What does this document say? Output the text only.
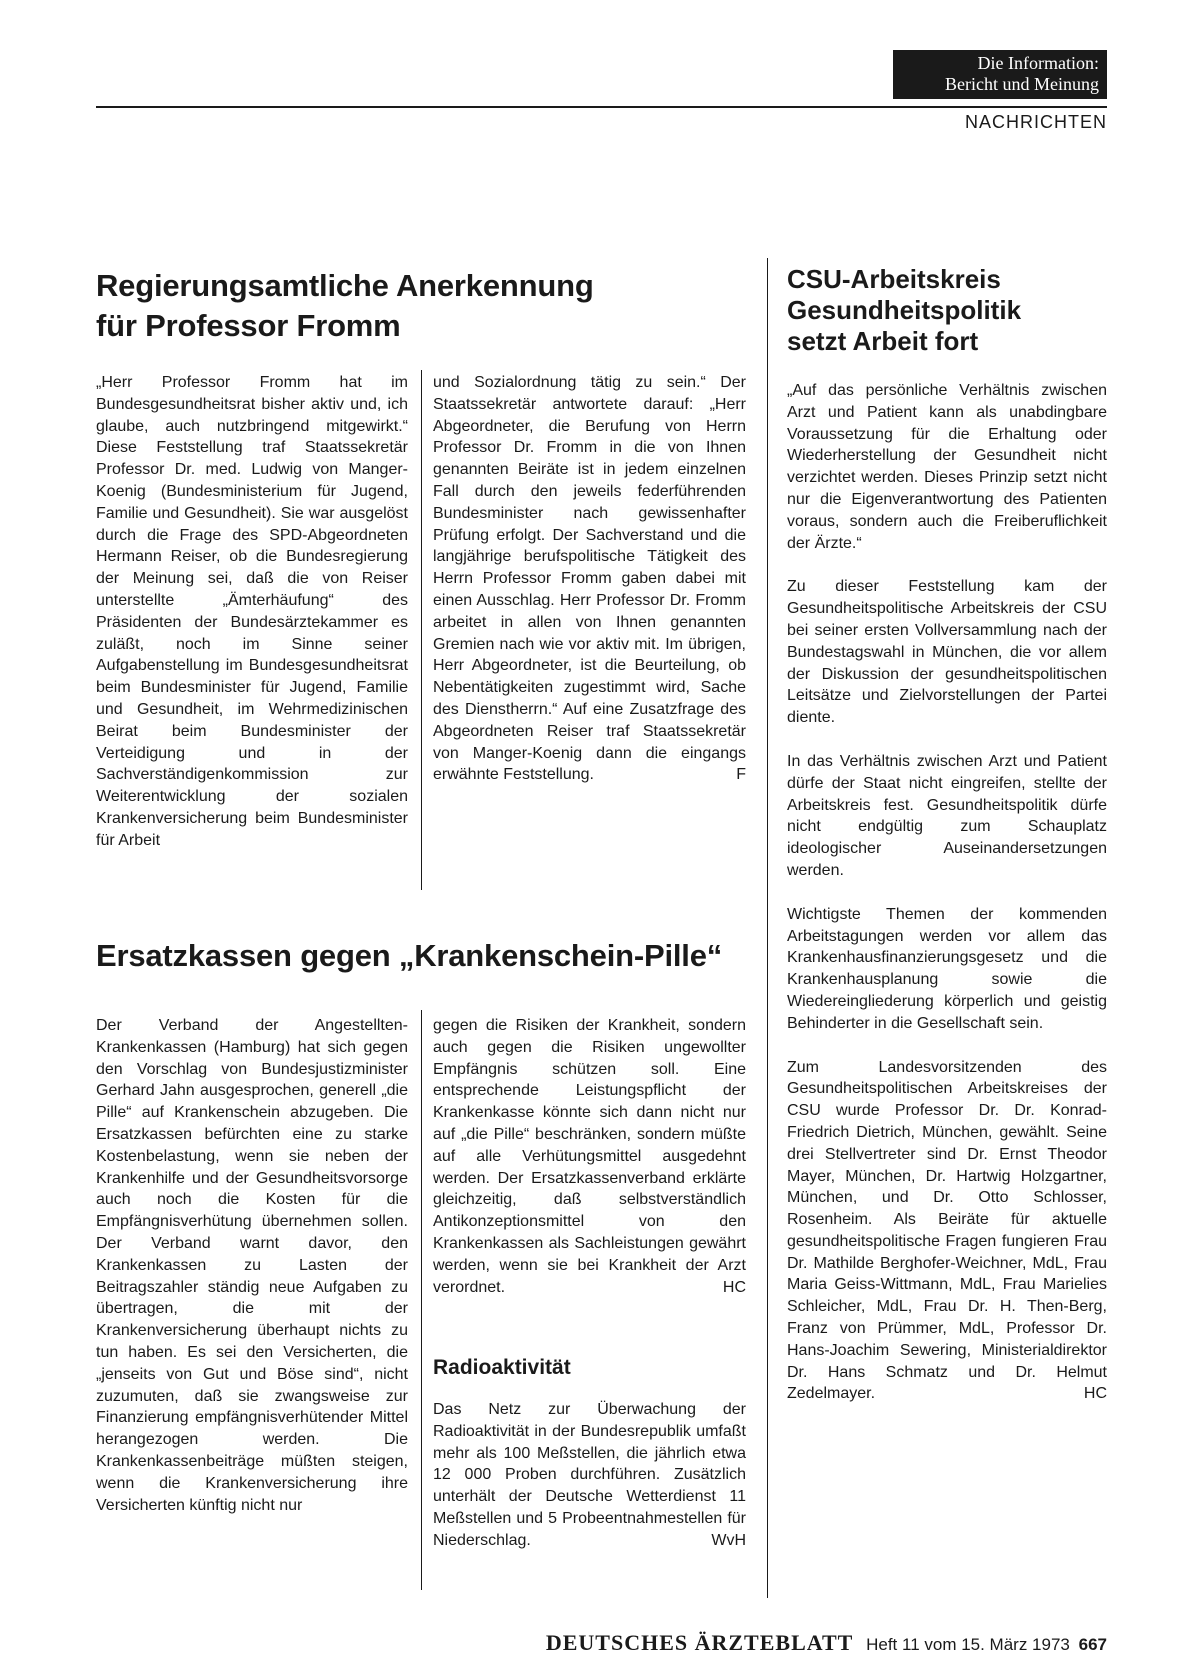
Die Information:
Bericht und Meinung
NACHRICHTEN
Regierungsamtliche Anerkennung
für Professor Fromm

„Herr Professor Fromm hat im Bundesgesundheitsrat bisher aktiv und, ich glaube, auch nutzbringend mitgewirkt.“ Diese Feststellung traf Staatssekretär Professor Dr. med. Ludwig von Manger-Koenig (Bundesministerium für Jugend, Familie und Gesundheit). Sie war ausgelöst durch die Frage des SPD-Abgeordneten Hermann Reiser, ob die Bundesregierung der Meinung sei, daß die von Reiser unterstellte „Ämterhäufung“ des Präsidenten der Bundesärztekammer es zuläßt, noch im Sinne seiner Aufgabenstellung im Bundesgesundheitsrat beim Bundesminister für Jugend, Familie und Gesundheit, im Wehrmedizinischen Beirat beim Bundesminister der Verteidigung und in der Sachverständigenkommission zur Weiterentwicklung der sozialen Krankenversicherung beim Bundesminister für Arbeit

und Sozialordnung tätig zu sein.“ Der Staatssekretär antwortete darauf: „Herr Abgeordneter, die Berufung von Herrn Professor Dr. Fromm in die von Ihnen genannten Beiräte ist in jedem einzelnen Fall durch den jeweils federführenden Bundesminister nach gewissenhafter Prüfung erfolgt. Der Sachverstand und die langjährige berufspolitische Tätigkeit des Herrn Professor Fromm gaben dabei mit einen Ausschlag. Herr Professor Dr. Fromm arbeitet in allen von Ihnen genannten Gremien nach wie vor aktiv mit. Im übrigen, Herr Abgeordneter, ist die Beurteilung, ob Nebentätigkeiten zugestimmt wird, Sache des Dienstherrn.“ Auf eine Zusatzfrage des Abgeordneten Reiser traf Staatssekretär von Manger-Koenig dann die eingangs erwähnte Feststellung.	F

Ersatzkassen gegen „Krankenschein-Pille“

Der Verband der Angestellten-Krankenkassen (Hamburg) hat sich gegen den Vorschlag von Bundesjustizminister Gerhard Jahn ausgesprochen, generell „die Pille“ auf Krankenschein abzugeben. Die Ersatzkassen befürchten eine zu starke Kostenbelastung, wenn sie neben der Krankenhilfe und der Gesundheitsvorsorge auch noch die Kosten für die Empfängnisverhütung übernehmen sollen. Der Verband warnt davor, den Krankenkassen zu Lasten der Beitragszahler ständig neue Aufgaben zu übertragen, die mit der Krankenversicherung überhaupt nichts zu tun haben. Es sei den Versicherten, die „jenseits von Gut und Böse sind“, nicht zuzumuten, daß sie zwangsweise zur Finanzierung empfängnisverhütender Mittel herangezogen werden. Die Krankenkassenbeiträge müßten steigen, wenn die Krankenversicherung ihre Versicherten künftig nicht nur

gegen die Risiken der Krankheit, sondern auch gegen die Risiken ungewollter Empfängnis schützen soll. Eine entsprechende Leistungspflicht der Krankenkasse könnte sich dann nicht nur auf „die Pille“ beschränken, sondern müßte auf alle Verhütungsmittel ausgedehnt werden. Der Ersatzkassenverband erklärte gleichzeitig, daß selbstverständlich Antikonzeptionsmittel von den Krankenkassen als Sachleistungen gewährt werden, wenn sie bei Krankheit der Arzt verordnet.	HC

Radioaktivität

Das Netz zur Überwachung der Radioaktivität in der Bundesrepublik umfaßt mehr als 100 Meßstellen, die jährlich etwa 12 000 Proben durchführen. Zusätzlich unterhält der Deutsche Wetterdienst 11 Meßstellen und 5 Probeentnahmestellen für Niederschlag.	WvH

CSU-Arbeitskreis
Gesundheitspolitik
setzt Arbeit fort

„Auf das persönliche Verhältnis zwischen Arzt und Patient kann als unabdingbare Voraussetzung für die Erhaltung oder Wiederherstellung der Gesundheit nicht verzichtet werden. Dieses Prinzip setzt nicht nur die Eigenverantwortung des Patienten voraus, sondern auch die Freiberuflichkeit der Ärzte.“

Zu dieser Feststellung kam der Gesundheitspolitische Arbeitskreis der CSU bei seiner ersten Vollversammlung nach der Bundestagswahl in München, die vor allem der Diskussion der gesundheitspolitischen Leitsätze und Zielvorstellungen der Partei diente.

In das Verhältnis zwischen Arzt und Patient dürfe der Staat nicht eingreifen, stellte der Arbeitskreis fest. Gesundheitspolitik dürfe nicht endgültig zum Schauplatz ideologischer Auseinandersetzungen werden.

Wichtigste Themen der kommenden Arbeitstagungen werden vor allem das Krankenhausfinanzierungsgesetz und die Krankenhausplanung sowie die Wiedereingliederung körperlich und geistig Behinderter in die Gesellschaft sein.

Zum Landesvorsitzenden des Gesundheitspolitischen Arbeitskreises der CSU wurde Professor Dr. Dr. Konrad-Friedrich Dietrich, München, gewählt. Seine drei Stellvertreter sind Dr. Ernst Theodor Mayer, München, Dr. Hartwig Holzgartner, München, und Dr. Otto Schlosser, Rosenheim. Als Beiräte für aktuelle gesundheitspolitische Fragen fungieren Frau Dr. Mathilde Berghofer-Weichner, MdL, Frau Maria Geiss-Wittmann, MdL, Frau Marielies Schleicher, MdL, Frau Dr. H. Then-Berg, Franz von Prümmer, MdL, Professor Dr. Hans-Joachim Sewering, Ministerialdirektor Dr. Hans Schmatz und Dr. Helmut Zedelmayer.	HC

DEUTSCHES ÄRZTEBLATT Heft 11 vom 15. März 1973 667
